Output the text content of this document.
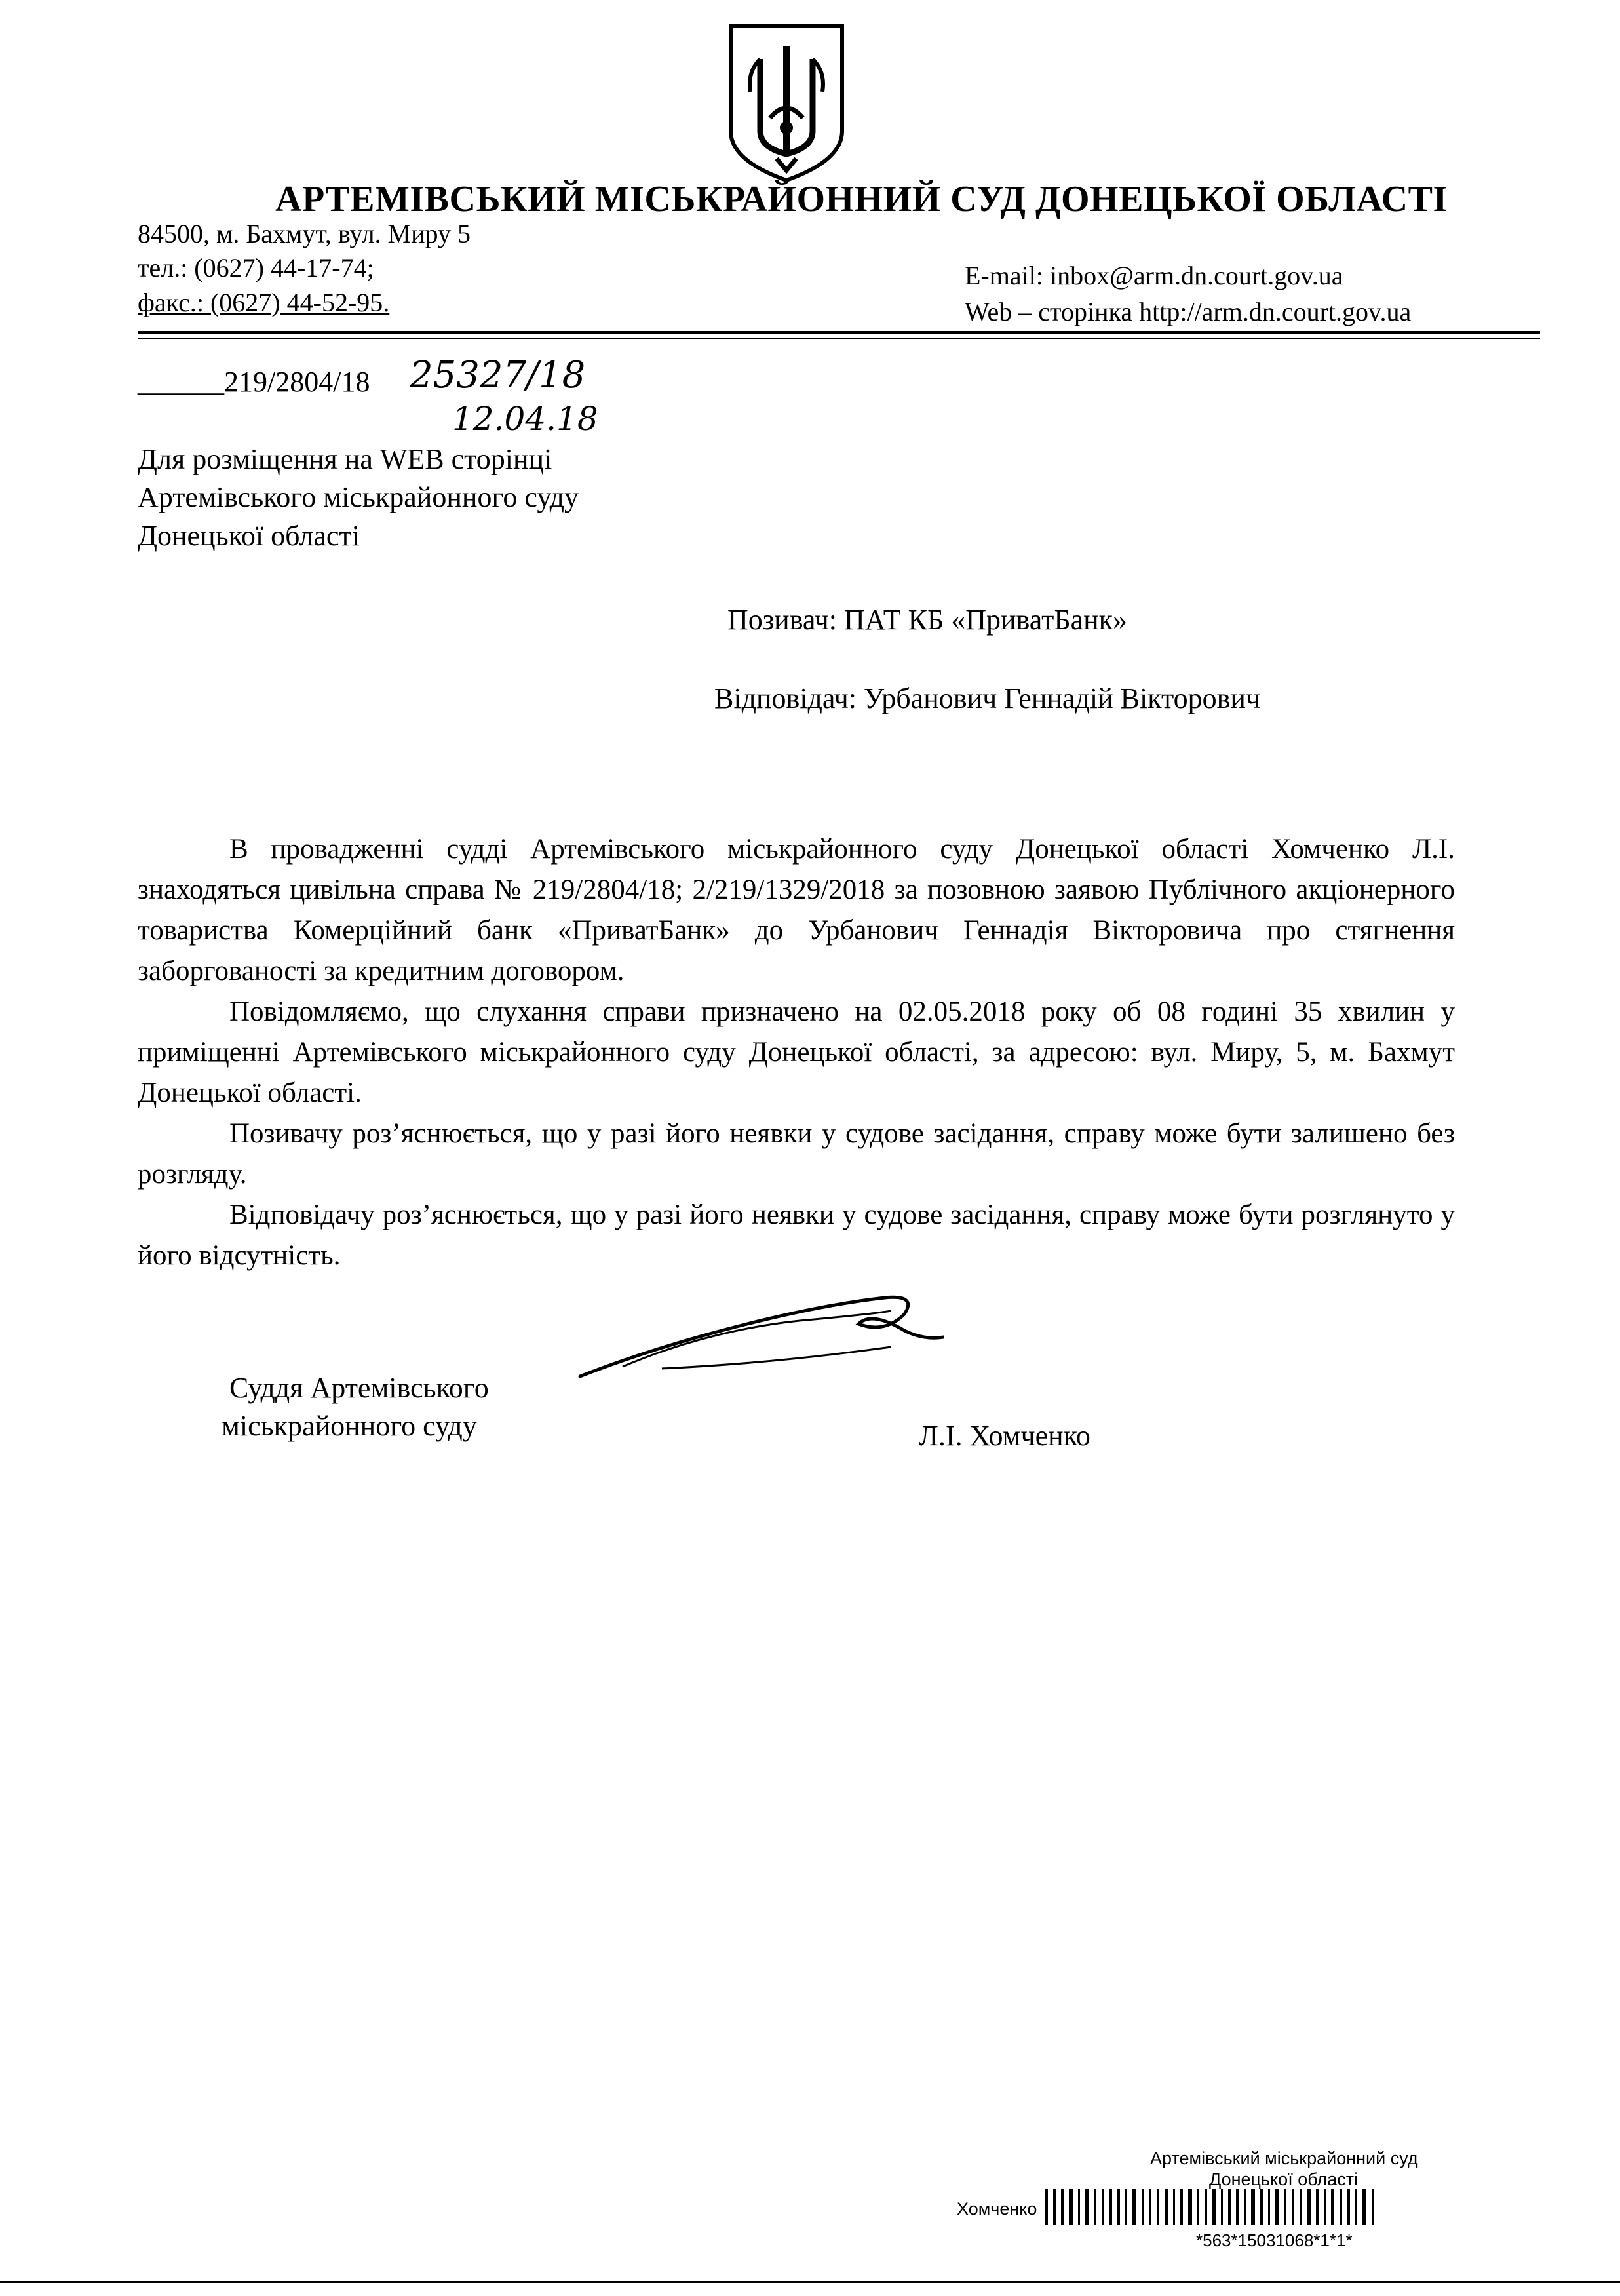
АРТЕМІВСЬКИЙ МІСЬКРАЙОННИЙ СУД ДОНЕЦЬКОЇ ОБЛАСТІ
84500, м. Бахмут, вул. Миру 5
тел.: (0627) 44-17-74;
факс.: (0627) 44-52-95.
E-mail: inbox@arm.dn.court.gov.ua
Web – сторінка http://arm.dn.court.gov.ua
______219/2804/18 25327/18
12.04.18
Для розміщення на WEB сторінці
Артемівського міськрайонного суду
Донецької області
Позивач: ПАТ КБ «ПриватБанк»
Відповідач: Урбанович Геннадій Вікторович
В провадженні судді Артемівського міськрайонного суду Донецької області Хомченко Л.І. знаходяться цивільна справа № 219/2804/18; 2/219/1329/2018 за позовною заявою Публічного акціонерного товариства Комерційний банк «ПриватБанк» до Урбанович Геннадія Вікторовича про стягнення заборгованості за кредитним договором.
Повідомляємо, що слухання справи призначено на 02.05.2018 року об 08 годині 35 хвилин у приміщенні Артемівського міськрайонного суду Донецької області, за адресою: вул. Миру, 5, м. Бахмут Донецької області.
Позивачу роз’яснюється, що у разі його неявки у судове засідання, справу може бути залишено без розгляду.
Відповідачу роз’яснюється, що у разі його неявки у судове засідання, справу може бути розглянуто у його відсутність.
Суддя Артемівського
міськрайонного суду	Л.І. Хомченко
Артемівський міськрайонний суд
Донецької області
Хомченко
*563*15031068*1*1*
